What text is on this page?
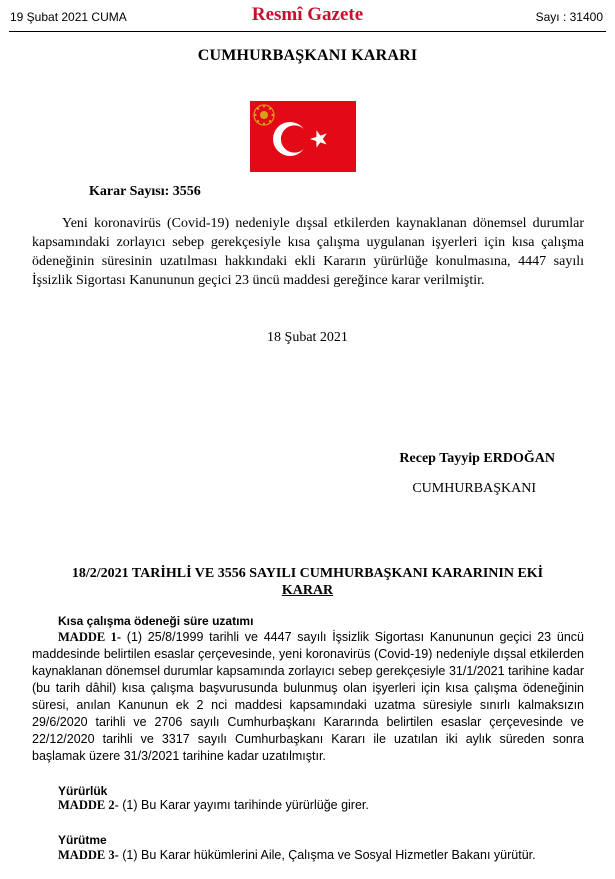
19 Şubat 2021 CUMA	Resmî Gazete	Sayı : 31400
CUMHURBAŞKANI KARARI
Karar Sayısı: 3556

Yeni koronavirüs (Covid-19) nedeniyle dışsal etkilerden kaynaklanan dönemsel durumlar kapsamındaki zorlayıcı sebep gerekçesiyle kısa çalışma uygulanan işyerleri için kısa çalışma ödeneğinin süresinin uzatılması hakkındaki ekli Kararın yürürlüğe konulmasına, 4447 sayılı İşsizlik Sigortası Kanununun geçici 23 üncü maddesi gereğince karar verilmiştir.

18 Şubat 2021
Recep Tayyip ERDOĞAN
CUMHURBAŞKANI
18/2/2021 TARİHLİ VE 3556 SAYILI CUMHURBAŞKANI KARARININ EKİ
KARAR
Kısa çalışma ödeneği süre uzatımı

MADDE 1- (1) 25/8/1999 tarihli ve 4447 sayılı İşsizlik Sigortası Kanununun geçici 23 üncü maddesinde belirtilen esaslar çerçevesinde, yeni koronavirüs (Covid-19) nedeniyle dışsal etkilerden kaynaklanan dönemsel durumlar kapsamında zorlayıcı sebep gerekçesiyle 31/1/2021 tarihine kadar (bu tarih dâhil) kısa çalışma başvurusunda bulunmuş olan işyerleri için kısa çalışma ödeneğinin süresi, anılan Kanunun ek 2 nci maddesi kapsamındaki uzatma süresiyle sınırlı kalmaksızın 29/6/2020 tarihli ve 2706 sayılı Cumhurbaşkanı Kararında belirtilen esaslar çerçevesinde ve 22/12/2020 tarihli ve 3317 sayılı Cumhurbaşkanı Kararı ile uzatılan iki aylık süreden sonra başlamak üzere 31/3/2021 tarihine kadar uzatılmıştır.

Yürürlük

MADDE 2- (1) Bu Karar yayımı tarihinde yürürlüğe girer.

Yürütme

MADDE 3- (1) Bu Karar hükümlerini Aile, Çalışma ve Sosyal Hizmetler Bakanı yürütür.
